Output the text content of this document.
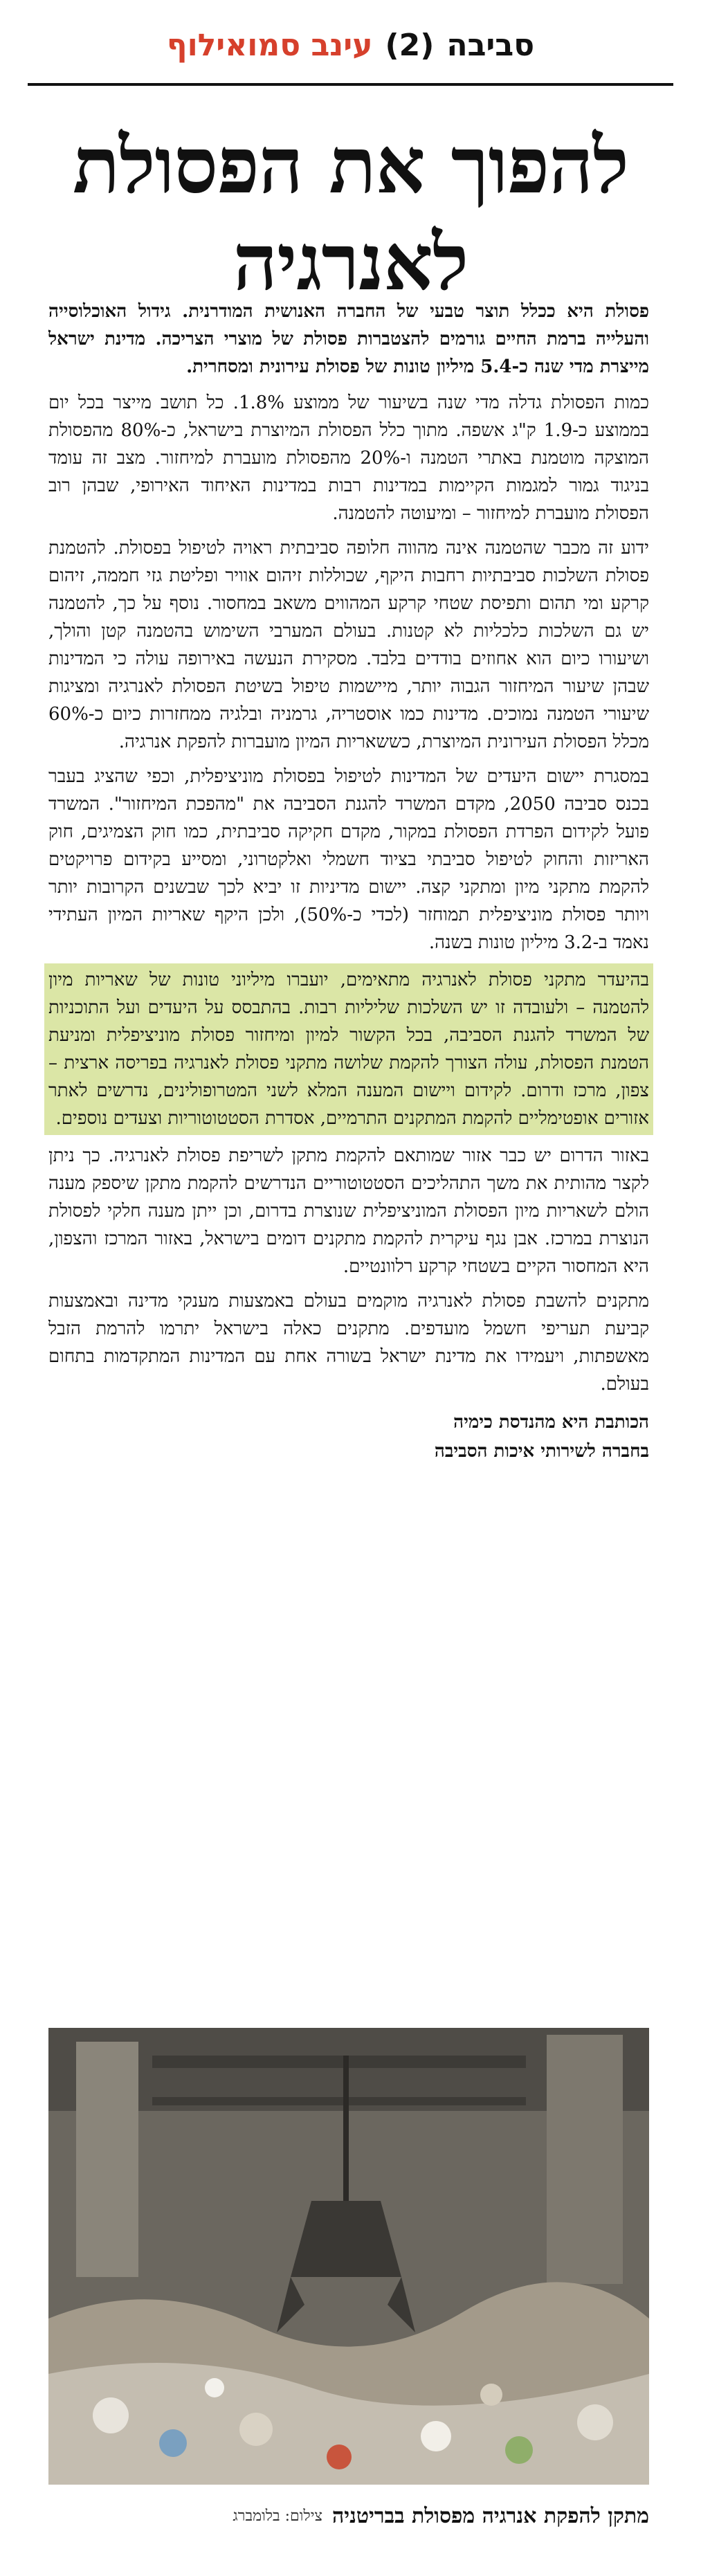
סביבה
(2)
עינב סמואילוף
להפוך את הפסולת
לאנרגיה

פסולת היא ככלל תוצר טבעי של החברה האנושית המודרנית. גידול האוכלוסייה והעלייה ברמת החיים גורמים להצטברות פסולת של מוצרי הצריכה. מדינת ישראל מייצרת מדי שנה כ-5.4 מיליון טונות של פסולת עירונית ומסחרית.

כמות הפסולת גדלה מדי שנה בשיעור של ממוצע 1.8%. כל תושב מייצר בכל יום בממוצע כ-1.9 ק"ג אשפה. מתוך כלל הפסולת המיוצרת בישראל, כ-80% מהפסולת המוצקה מוטמנת באתרי הטמנה ו-20% מהפסולת מועברת למיחזור. מצב זה עומד בניגוד גמור למגמות הקיימות במדינות רבות במדינות האיחוד האירופי, שבהן רוב הפסולת מועברת למיחזור – ומיעוטה להטמנה.

ידוע זה מכבר שהטמנה אינה מהווה חלופה סביבתית ראויה לטיפול בפסולת. להטמנת פסולת השלכות סביבתיות רחבות היקף, שכוללות זיהום אוויר ופליטת גזי חממה, זיהום קרקע ומי תהום ותפיסת שטחי קרקע המהווים משאב במחסור. נוסף על כך, להטמנה יש גם השלכות כלכליות לא קטנות. בעולם המערבי השימוש בהטמנה קטן והולך, ושיעורו כיום הוא אחוזים בודדים בלבד. מסקירת הנעשה באירופה עולה כי המדינות שבהן שיעור המיחזור הגבוה יותר, מיישמות טיפול בשיטת הפסולת לאנרגיה ומציגות שיעורי הטמנה נמוכים. מדינות כמו אוסטריה, גרמניה ובלגיה ממחזרות כיום כ-60% מכלל הפסולת העירונית המיוצרת, כששאריות המיון מועברות להפקת אנרגיה.

במסגרת יישום היעדים של המדינות לטיפול בפסולת מוניציפלית, וכפי שהציג בעבר בכנס סביבה 2050, מקדם המשרד להגנת הסביבה את "מהפכת המיחזור". המשרד פועל לקידום הפרדת הפסולת במקור, מקדם חקיקה סביבתית, כמו חוק הצמיגים, חוק האריזות והחוק לטיפול סביבתי בציוד חשמלי ואלקטרוני, ומסייע בקידום פרויקטים להקמת מתקני מיון ומתקני קצה. יישום מדיניות זו יביא לכך שבשנים הקרובות יותר ויותר פסולת מוניציפלית תמוחזר (לכדי כ-50%), ולכן היקף שאריות המיון העתידי נאמד ב-3.2 מיליון טונות בשנה.

בהיעדר מתקני פסולת לאנרגיה מתאימים, יועברו מיליוני טונות של שאריות מיון להטמנה – ולעובדה זו יש השלכות שליליות רבות. בהתבסס על היעדים ועל התוכניות של המשרד להגנת הסביבה, בכל הקשור למיון ומיחזור פסולת מוניציפלית ומניעת הטמנת הפסולת, עולה הצורך להקמת שלושה מתקני פסולת לאנרגיה בפריסה ארצית – צפון, מרכז ודרום. לקידום ויישום המענה המלא לשני המטרופולינים, נדרשים לאתר אזורים אופטימליים להקמת המתקנים התרמיים, אסדרת הסטטוטוריות וצעדים נוספים.

באזור הדרום יש כבר אזור שמותאם להקמת מתקן לשריפת פסולת לאנרגיה. כך ניתן לקצר מהותית את משך התהליכים הסטטוטוריים הנדרשים להקמת מתקן שיספק מענה הולם לשאריות מיון הפסולת המוניציפלית שנוצרת בדרום, וכן ייתן מענה חלקי לפסולת הנוצרת במרכז. אבן נגף עיקרית להקמת מתקנים דומים בישראל, באזור המרכז והצפון, היא המחסור הקיים בשטחי קרקע רלוונטיים.

מתקנים להשבת פסולת לאנרגיה מוקמים בעולם באמצעות מענקי מדינה ובאמצעות קביעת תעריפי חשמל מועדפים. מתקנים כאלה בישראל יתרמו להרמת הזבל מאשפתות, ויעמידו את מדינת ישראל בשורה אחת עם המדינות המתקדמות בתחום בעולם.

הכותבת היא מהנדסת כימיה
בחברה לשירותי איכות הסביבה
מתקן להפקת אנרגיה מפסולת בבריטניה
צילום: בלומברג
